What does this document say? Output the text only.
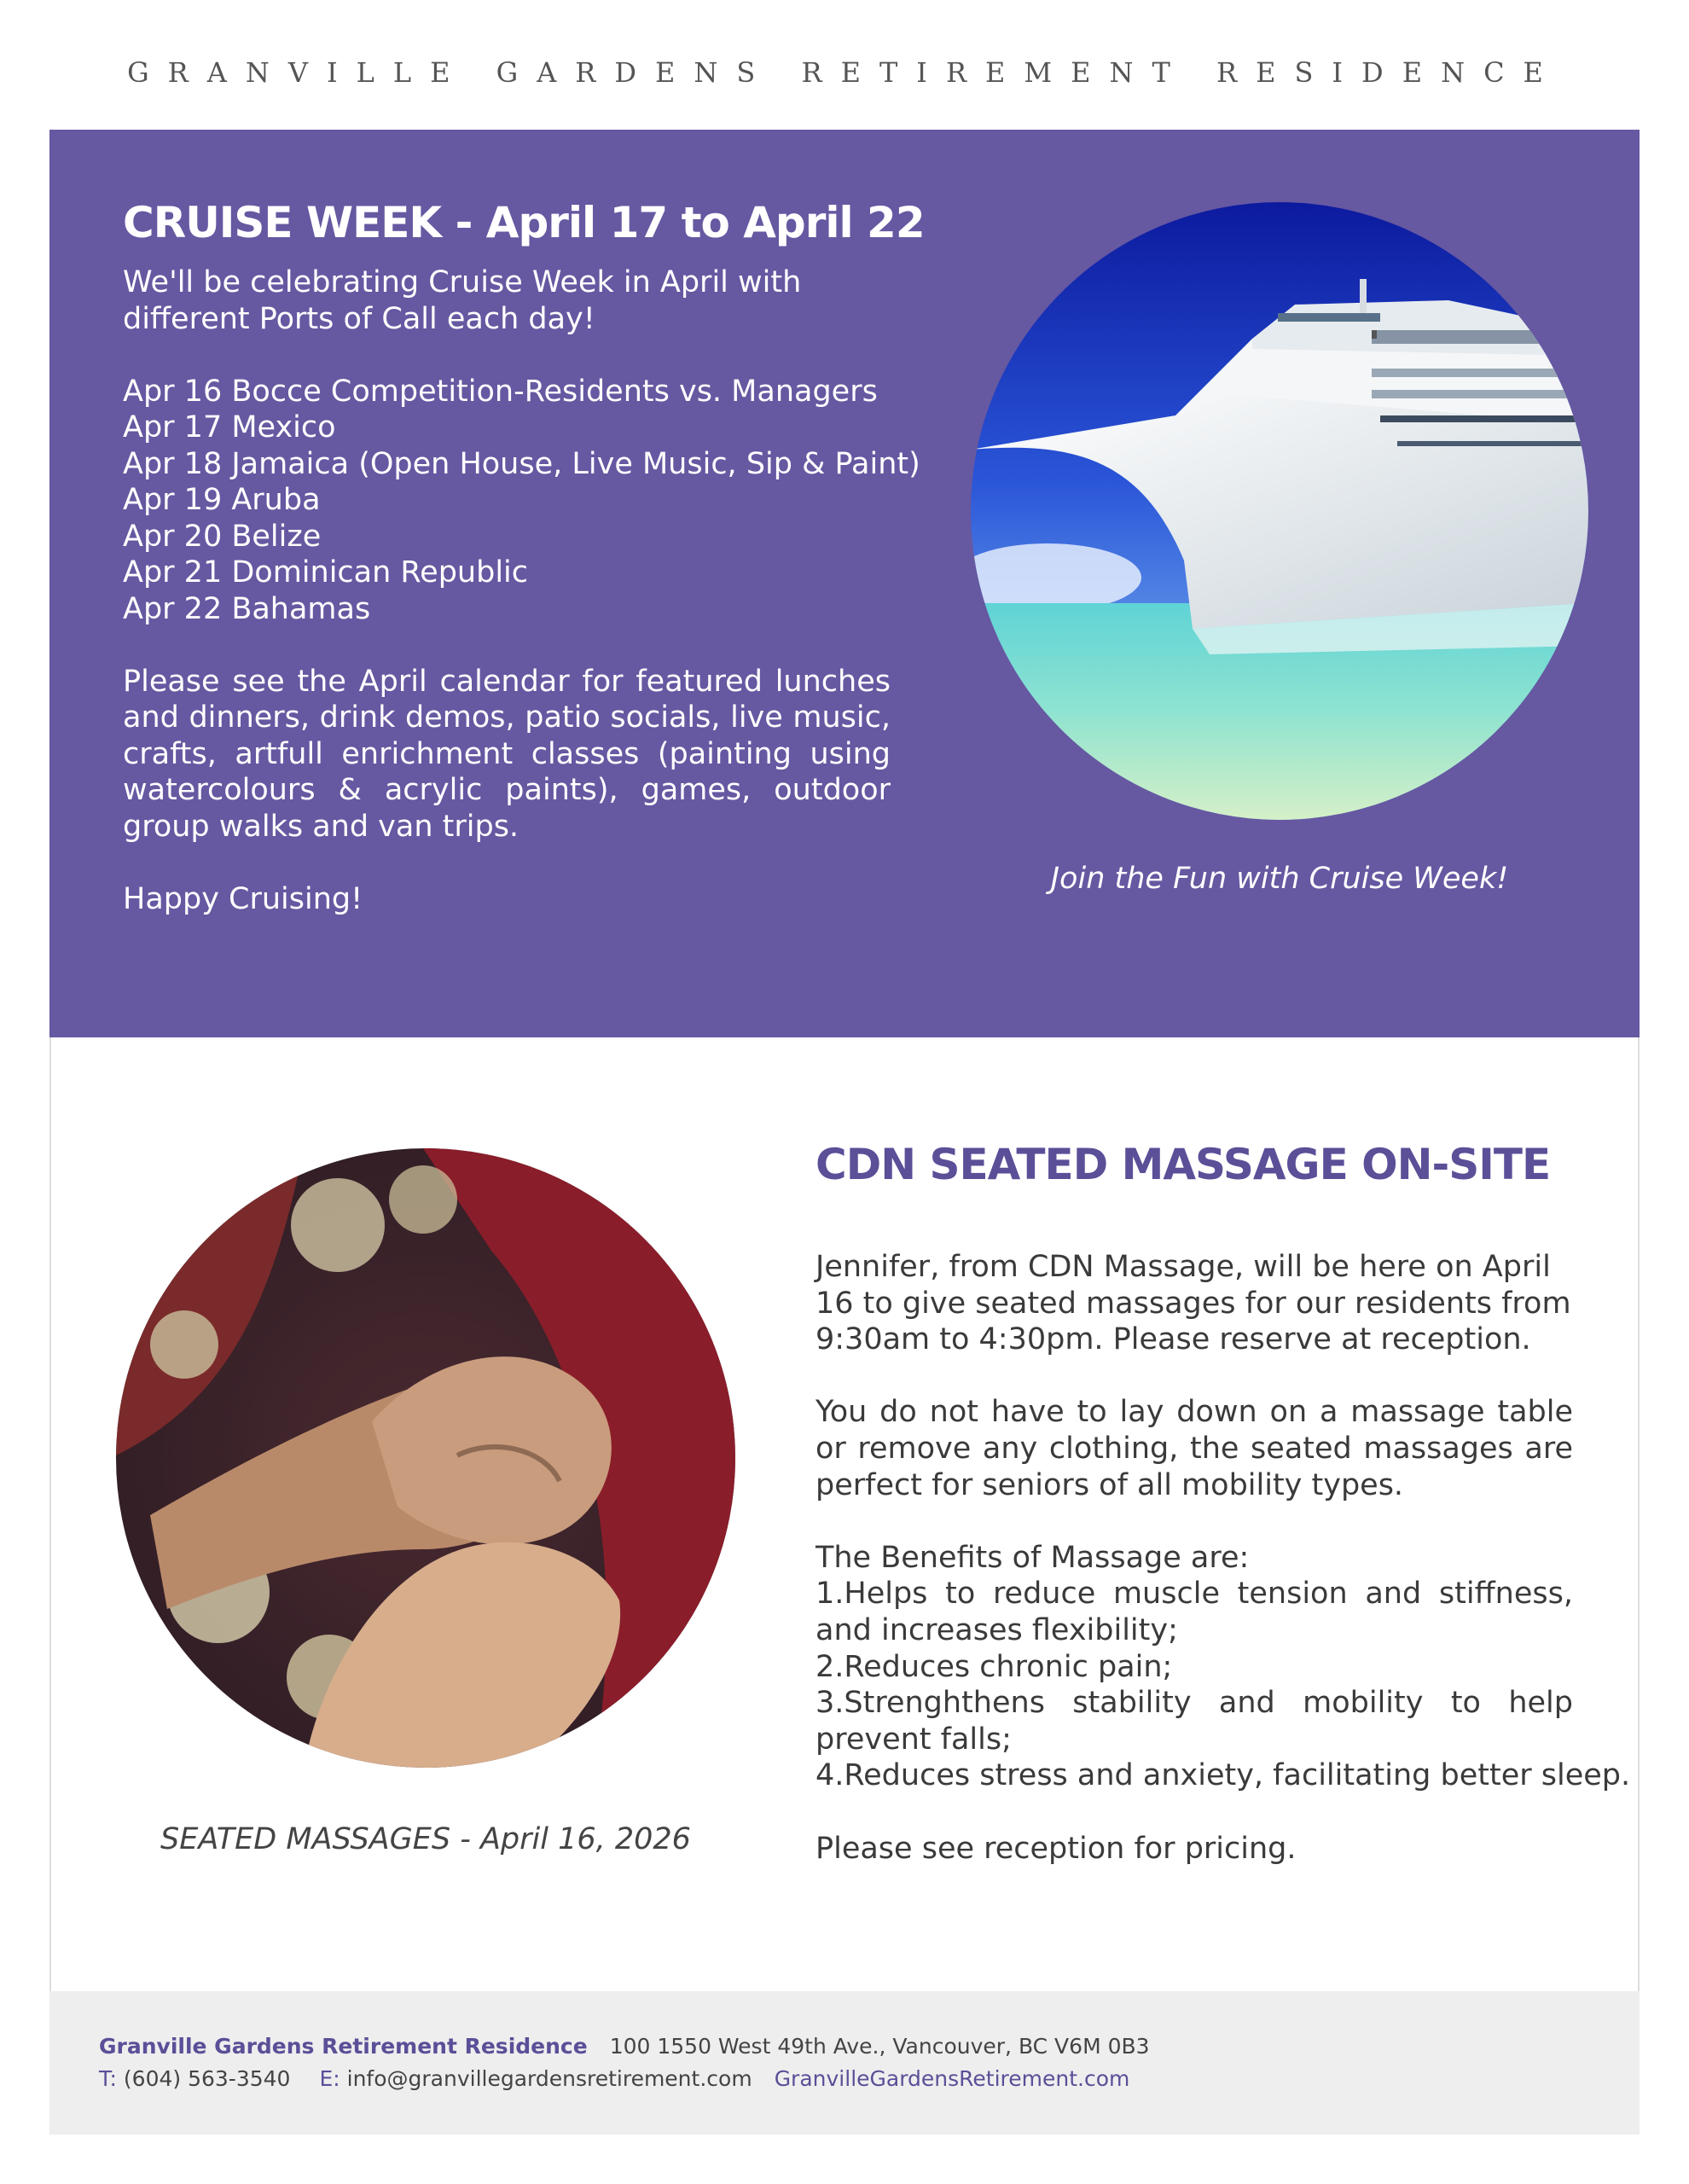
GRANVILLE GARDENS RETIREMENT RESIDENCE
CRUISE WEEK - April 17 to April 22

We'll be celebrating Cruise Week in April with different Ports of Call each day!

Apr 16 Bocce Competition-Residents vs. Managers

Apr 17 Mexico

Apr 18 Jamaica (Open House, Live Music, Sip & Paint)

Apr 19 Aruba

Apr 20 Belize

Apr 21 Dominican Republic

Apr 22 Bahamas

Please see the April calendar for featured lunches and dinners, drink demos, patio socials, live music, crafts, artfull enrichment classes (painting using watercolours & acrylic paints), games, outdoor group walks and van trips.

Happy Cruising!

Join the Fun with Cruise Week!
SEATED MASSAGES - April 16, 2026
CDN SEATED MASSAGE ON-SITE

Jennifer, from CDN Massage, will be here on April 16 to give seated massages for our residents from 9:30am to 4:30pm. Please reserve at reception.

You do not have to lay down on a massage table or remove any clothing, the seated massages are perfect for seniors of all mobility types.

The Benefits of Massage are:

1.Helps to reduce muscle tension and stiffness, and increases flexibility;

2.Reduces chronic pain;

3.Strenghthens stability and mobility to help prevent falls;

4.Reduces stress and anxiety, facilitating better sleep.

Please see reception for pricing.

Granville Gardens Retirement Residence 100 1550 West 49th Ave., Vancouver, BC V6M 0B3
T: (604) 563-3540 E: info@granvillegardensretirement.com GranvilleGardensRetirement.com
